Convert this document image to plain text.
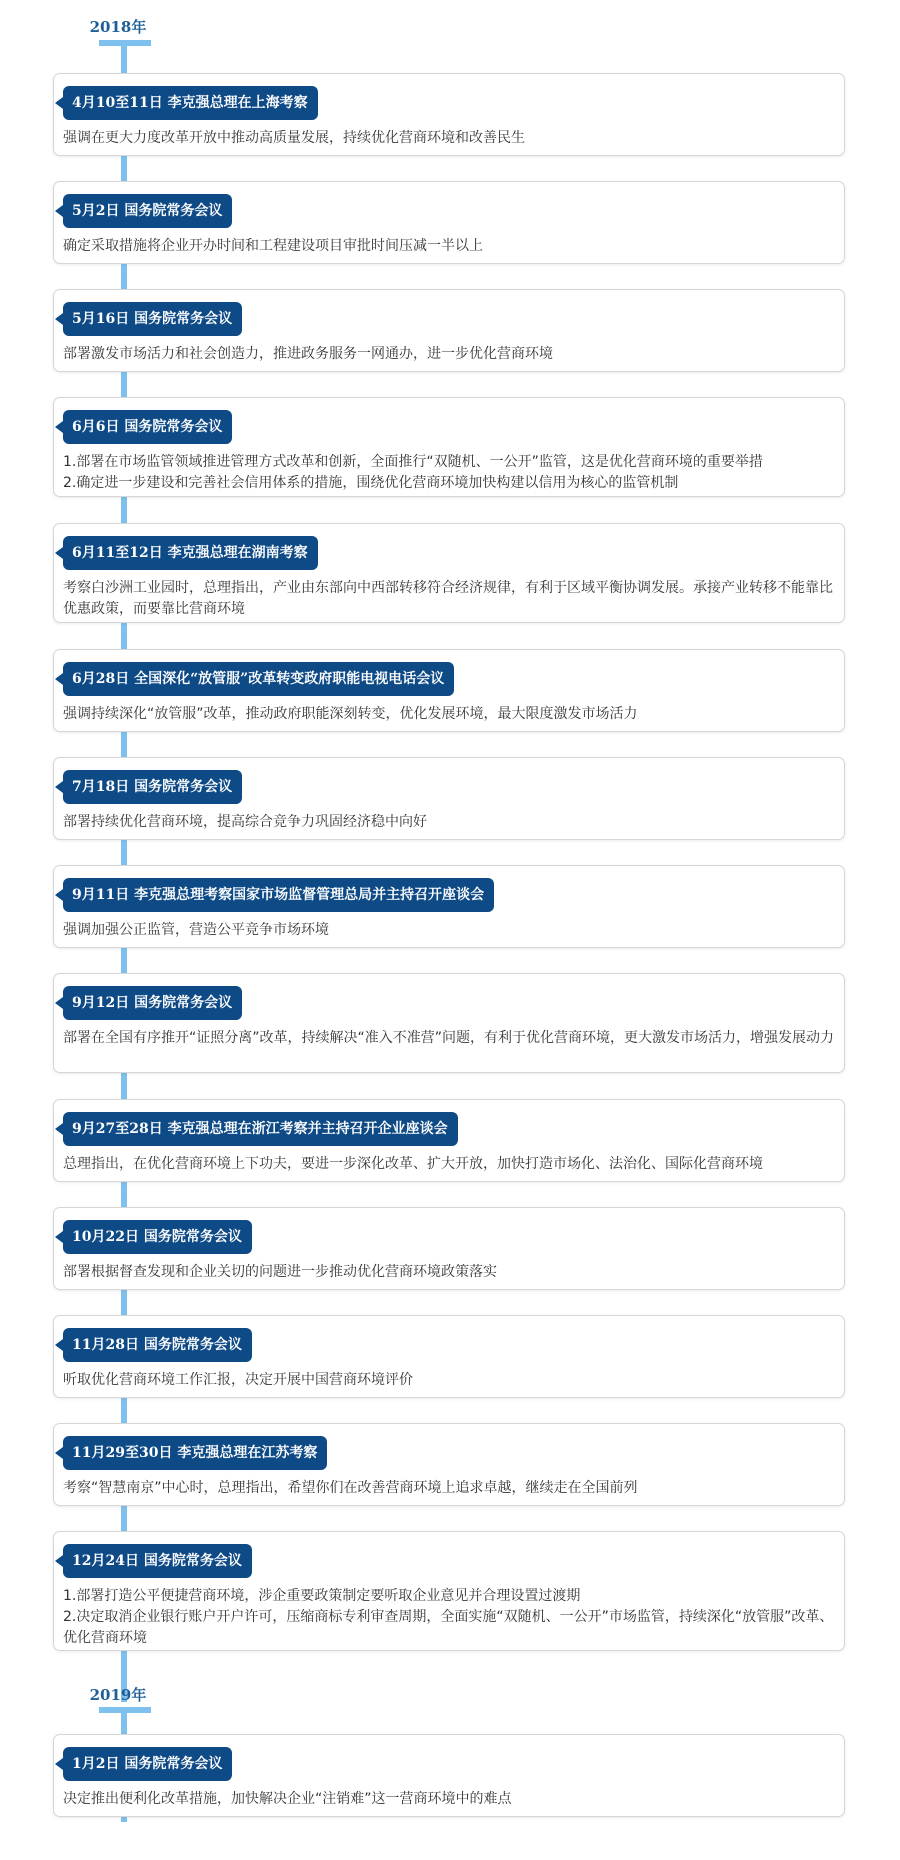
2018年
2019年
4月10至11日 李克强总理在上海考察
强调在更大力度改革开放中推动高质量发展，持续优化营商环境和改善民生
5月2日 国务院常务会议
确定采取措施将企业开办时间和工程建设项目审批时间压减一半以上
5月16日 国务院常务会议
部署激发市场活力和社会创造力，推进政务服务一网通办，进一步优化营商环境
6月6日 国务院常务会议
1.部署在市场监管领域推进管理方式改革和创新，全面推行“双随机、一公开”监管，这是优化营商环境的重要举措
2.确定进一步建设和完善社会信用体系的措施，围绕优化营商环境加快构建以信用为核心的监管机制
6月11至12日 李克强总理在湖南考察
考察白沙洲工业园时，总理指出，产业由东部向中西部转移符合经济规律，有利于区域平衡协调发展。承接产业转移不能靠比优惠政策，而要靠比营商环境
6月28日 全国深化“放管服”改革转变政府职能电视电话会议
强调持续深化“放管服”改革，推动政府职能深刻转变，优化发展环境，最大限度激发市场活力
7月18日 国务院常务会议
部署持续优化营商环境，提高综合竞争力巩固经济稳中向好
9月11日 李克强总理考察国家市场监督管理总局并主持召开座谈会
强调加强公正监管，营造公平竞争市场环境
9月12日 国务院常务会议
部署在全国有序推开“证照分离”改革，持续解决“准入不准营”问题，有利于优化营商环境，更大激发市场活力，增强发展动力
9月27至28日 李克强总理在浙江考察并主持召开企业座谈会
总理指出，在优化营商环境上下功夫，要进一步深化改革、扩大开放，加快打造市场化、法治化、国际化营商环境
10月22日 国务院常务会议
部署根据督查发现和企业关切的问题进一步推动优化营商环境政策落实
11月28日 国务院常务会议
听取优化营商环境工作汇报，决定开展中国营商环境评价
11月29至30日 李克强总理在江苏考察
考察“智慧南京”中心时，总理指出，希望你们在改善营商环境上追求卓越，继续走在全国前列
12月24日 国务院常务会议
1.部署打造公平便捷营商环境，涉企重要政策制定要听取企业意见并合理设置过渡期
2.决定取消企业银行账户开户许可，压缩商标专利审查周期，全面实施“双随机、一公开”市场监管，持续深化“放管服”改革、优化营商环境
1月2日 国务院常务会议
决定推出便利化改革措施，加快解决企业“注销难”这一营商环境中的难点
